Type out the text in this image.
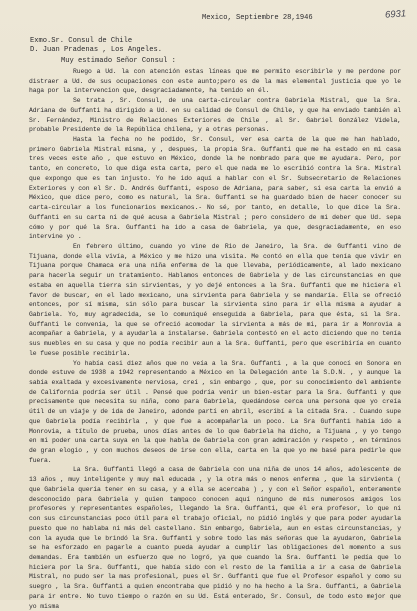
6931
Mexico, Septiembre 28,1946
Exmo.Sr. Consul de Chile
D. Juan Pradenas , Los Angeles.
Muy estimado Señor Consul :

Ruego a Ud. la con atención estas líneas que me permito escribirle y me perdone por distraer a Ud. de sus ocupaciones con este aunto;pero es de la mas elemental justicia que yo le haga por la intervencion que, desgraciadamente, ha tenido en él.

Se trata , Sr. Consul, de una carta-circular contra Gabriela Mistral, que la Sra. Adriana de Guffanti ha dirigido a Ud. en su calidad de Consul de Chile, y que ha enviado también al Sr. Fernández, Ministro de Relaciones Exteriores de Chile , al Sr. Gabriel González Videla, probable Presidente de la República chilena, y a otras personas.

Hasta la fecha no he podido, Sr. Consul, ver esa carta de la que me han hablado, primero Gabriela Mistral misma, y , despues, la propia Sra. Guffanti que me ha estado en mi casa tres veces este año , que estuvo en México, donde la he nombrado para que me ayudara. Pero, por tanto, en concreto, lo que diga esta carta, pero el que nada me lo escribió contra la Sra. Mistral que expongo que es tan injusto. Yo he ido aquí a hablar con el Sr. Subsecretario de Relaciones Exteriores y con el Sr. D. Andrés Guffanti, esposo de Adriana, para saber, si esa carta la envió a México, que dice pero, como es natural, la Sra. Guffanti se ha guardado bien de hacer conocer su carta-circular a los funcionarios mexicanos.- No sé, por tanto, en detalle, lo que dice la Sra. Guffanti en su carta ni de qué acusa a Gabriela Mistral ; pero considero de mi deber que Ud. sepa cómo y por qué la Sra. Guffanti ha ido a casa de Gabriela, ya que, desgraciadamente, en eso intervine yo .

En febrero último, cuando yo vine de Rio de Janeiro, la Sra. de Guffanti vino de Tijuana, donde ella vivía, a México y me hizo una visita. Me contó en ella que tenía que vivir en Tijuana porque Chamaca era una niña enferma de la que llevaba, periódicamente, al lado mexicano para hacerla seguir un tratamiento. Hablamos entonces de Gabriela y de las circunstancias en que estaba en aquella tierra sin sirvientas, y yo dejé entonces a la Sra. Guffanti que me hiciera el favor de buscar, en el lado mexicano, una sirvienta para Gabriela y se mandaría. Ella se ofreció entonces, por sí misma, sin sólo para buscar la sirvienta sino para ir ella misma a ayudar a Gabriela. Yo, muy agradecida, se lo comuniqué enseguida a Gabriela, para que ésta, si la Sra. Guffanti le convenía, la que se ofreció acomodar la sirvienta a más de mi, para ir a Monrovia a acompañar a Gabriela, y a ayudarla a instalarse. Gabriela contestó en el acto diciendo que no tenía sus muebles en su casa y que no podía recibir aun a la Sra. Guffanti, pero que escribiría en cuanto le fuese posible recibirla.

Yo había casi diez años que no veía a la Sra. Guffanti , a la que conocí en Sonora en donde estuve de 1938 a 1942 representando a México en la Delegación ante la S.D.N. , y aunque la sabía exaltada y excesivamente nerviosa, creí , sin embargo , que, por su conocimiento del ambiente de California podría ser útil . Pensé que podría venir un bien-estar para la Sra. Guffanti y que precisamente que necesita su niña, como para Gabriela, quedándose cerca una persona que yo creía útil de un viaje y de ida de Janeiro, adonde partí en abril, escribí a la citada Sra. . Cuando supe que Gabriela podía recibirla , y que fue a acompañarla un poco. La Sra Guffanti había ido a Monrovia, a título de prueba, unos días antes de lo que Gabriela ha dicho, a Tijuana , y yo tengo en mi poder una carta suya en la que habla de Gabriela con gran admiración y respeto , en términos de gran elogio , y con muchos deseos de irse con ella, carta en la que yo me basé para pedirle que fuera.

La Sra. Guffanti llegó a casa de Gabriela con una niña de unos 14 años, adolescente de 13 años , muy inteligente y muy mal educada , y la otra más o menos enferma , que la sirvienta ( que Gabriela quería tener en su casa, y a ella se acercaba ) , y con el Señor español, enteramente desconocido para Gabriela y quien tampoco conocen aquí ninguno de mis numerosos amigos los profesores y representantes españoles, llegando la Sra. Guffanti, que él era profesor, lo que ni con sus circunstancias poco útil para el trabajo oficial, no pidió inglés y que para poder ayudarla puesto que no hablaba ni más del castellano. Sin embargo, Gabriela, aun en estas circunstancias, y con la ayuda que le brindó la Sra. Guffanti y sobre todo las más señoras que la ayudaron, Gabriela se ha esforzado en pagarle a cuanto pueda ayudar a cumplir las obligaciones del momento a sus demandas. Era también un esfuerzo que no logró, ya que cuando la Sra. Guffanti le pedía que lo hiciera por la Sra. Guffanti, que había sido con el resto de la familia a ir a casa de Gabriela Mistral, no pudo ser la mas profesional, pues el Sr. Guffanti que fue el Profesor español y como su suegro , la Sra. Guffanti a quien encontraba que pidió y no ha hecho a la Sra. Guffanti, a Gabriela para ir entre. No tuvo tiempo o razón en su Ud. Está enterado, Sr. Consul, de todo esto mejor que yo misma
